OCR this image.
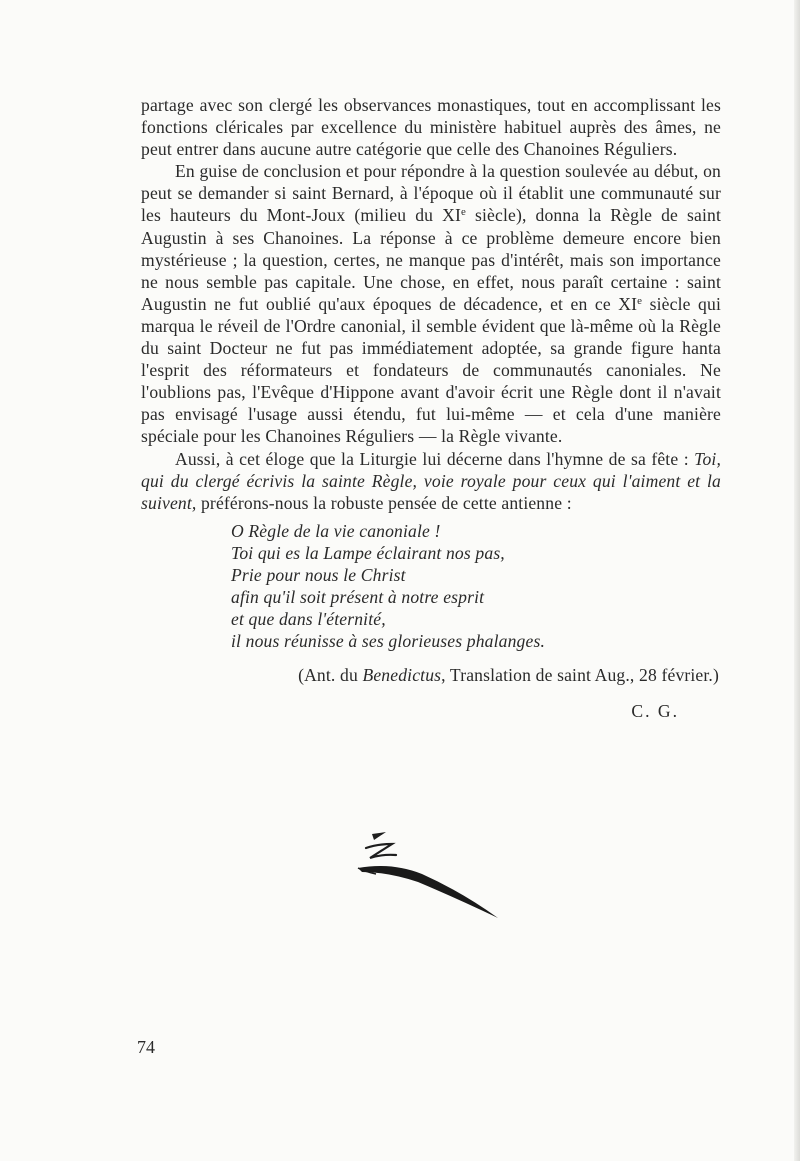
partage avec son clergé les observances monastiques, tout en accomplissant les fonctions cléricales par excellence du ministère habituel auprès des âmes, ne peut entrer dans aucune autre catégorie que celle des Chanoines Réguliers.

En guise de conclusion et pour répondre à la question soulevée au début, on peut se demander si saint Bernard, à l'époque où il établit une communauté sur les hauteurs du Mont-Joux (milieu du XIe siècle), donna la Règle de saint Augustin à ses Chanoines. La réponse à ce problème demeure encore bien mystérieuse ; la question, certes, ne manque pas d'intérêt, mais son importance ne nous semble pas capitale. Une chose, en effet, nous paraît certaine : saint Augustin ne fut oublié qu'aux époques de décadence, et en ce XIe siècle qui marqua le réveil de l'Ordre canonial, il semble évident que là-même où la Règle du saint Docteur ne fut pas immédiatement adoptée, sa grande figure hanta l'esprit des réformateurs et fondateurs de communautés canoniales. Ne l'oublions pas, l'Evêque d'Hippone avant d'avoir écrit une Règle dont il n'avait pas envisagé l'usage aussi étendu, fut lui-même — et cela d'une manière spéciale pour les Chanoines Réguliers — la Règle vivante.

Aussi, à cet éloge que la Liturgie lui décerne dans l'hymne de sa fête : Toi, qui du clergé écrivis la sainte Règle, voie royale pour ceux qui l'aiment et la suivent, préférons-nous la robuste pensée de cette antienne :

O Règle de la vie canoniale !
Toi qui es la Lampe éclairant nos pas,
Prie pour nous le Christ
afin qu'il soit présent à notre esprit
et que dans l'éternité,
il nous réunisse à ses glorieuses phalanges.
(Ant. du Benedictus, Translation de saint Aug., 28 février.)
C. G.
74
